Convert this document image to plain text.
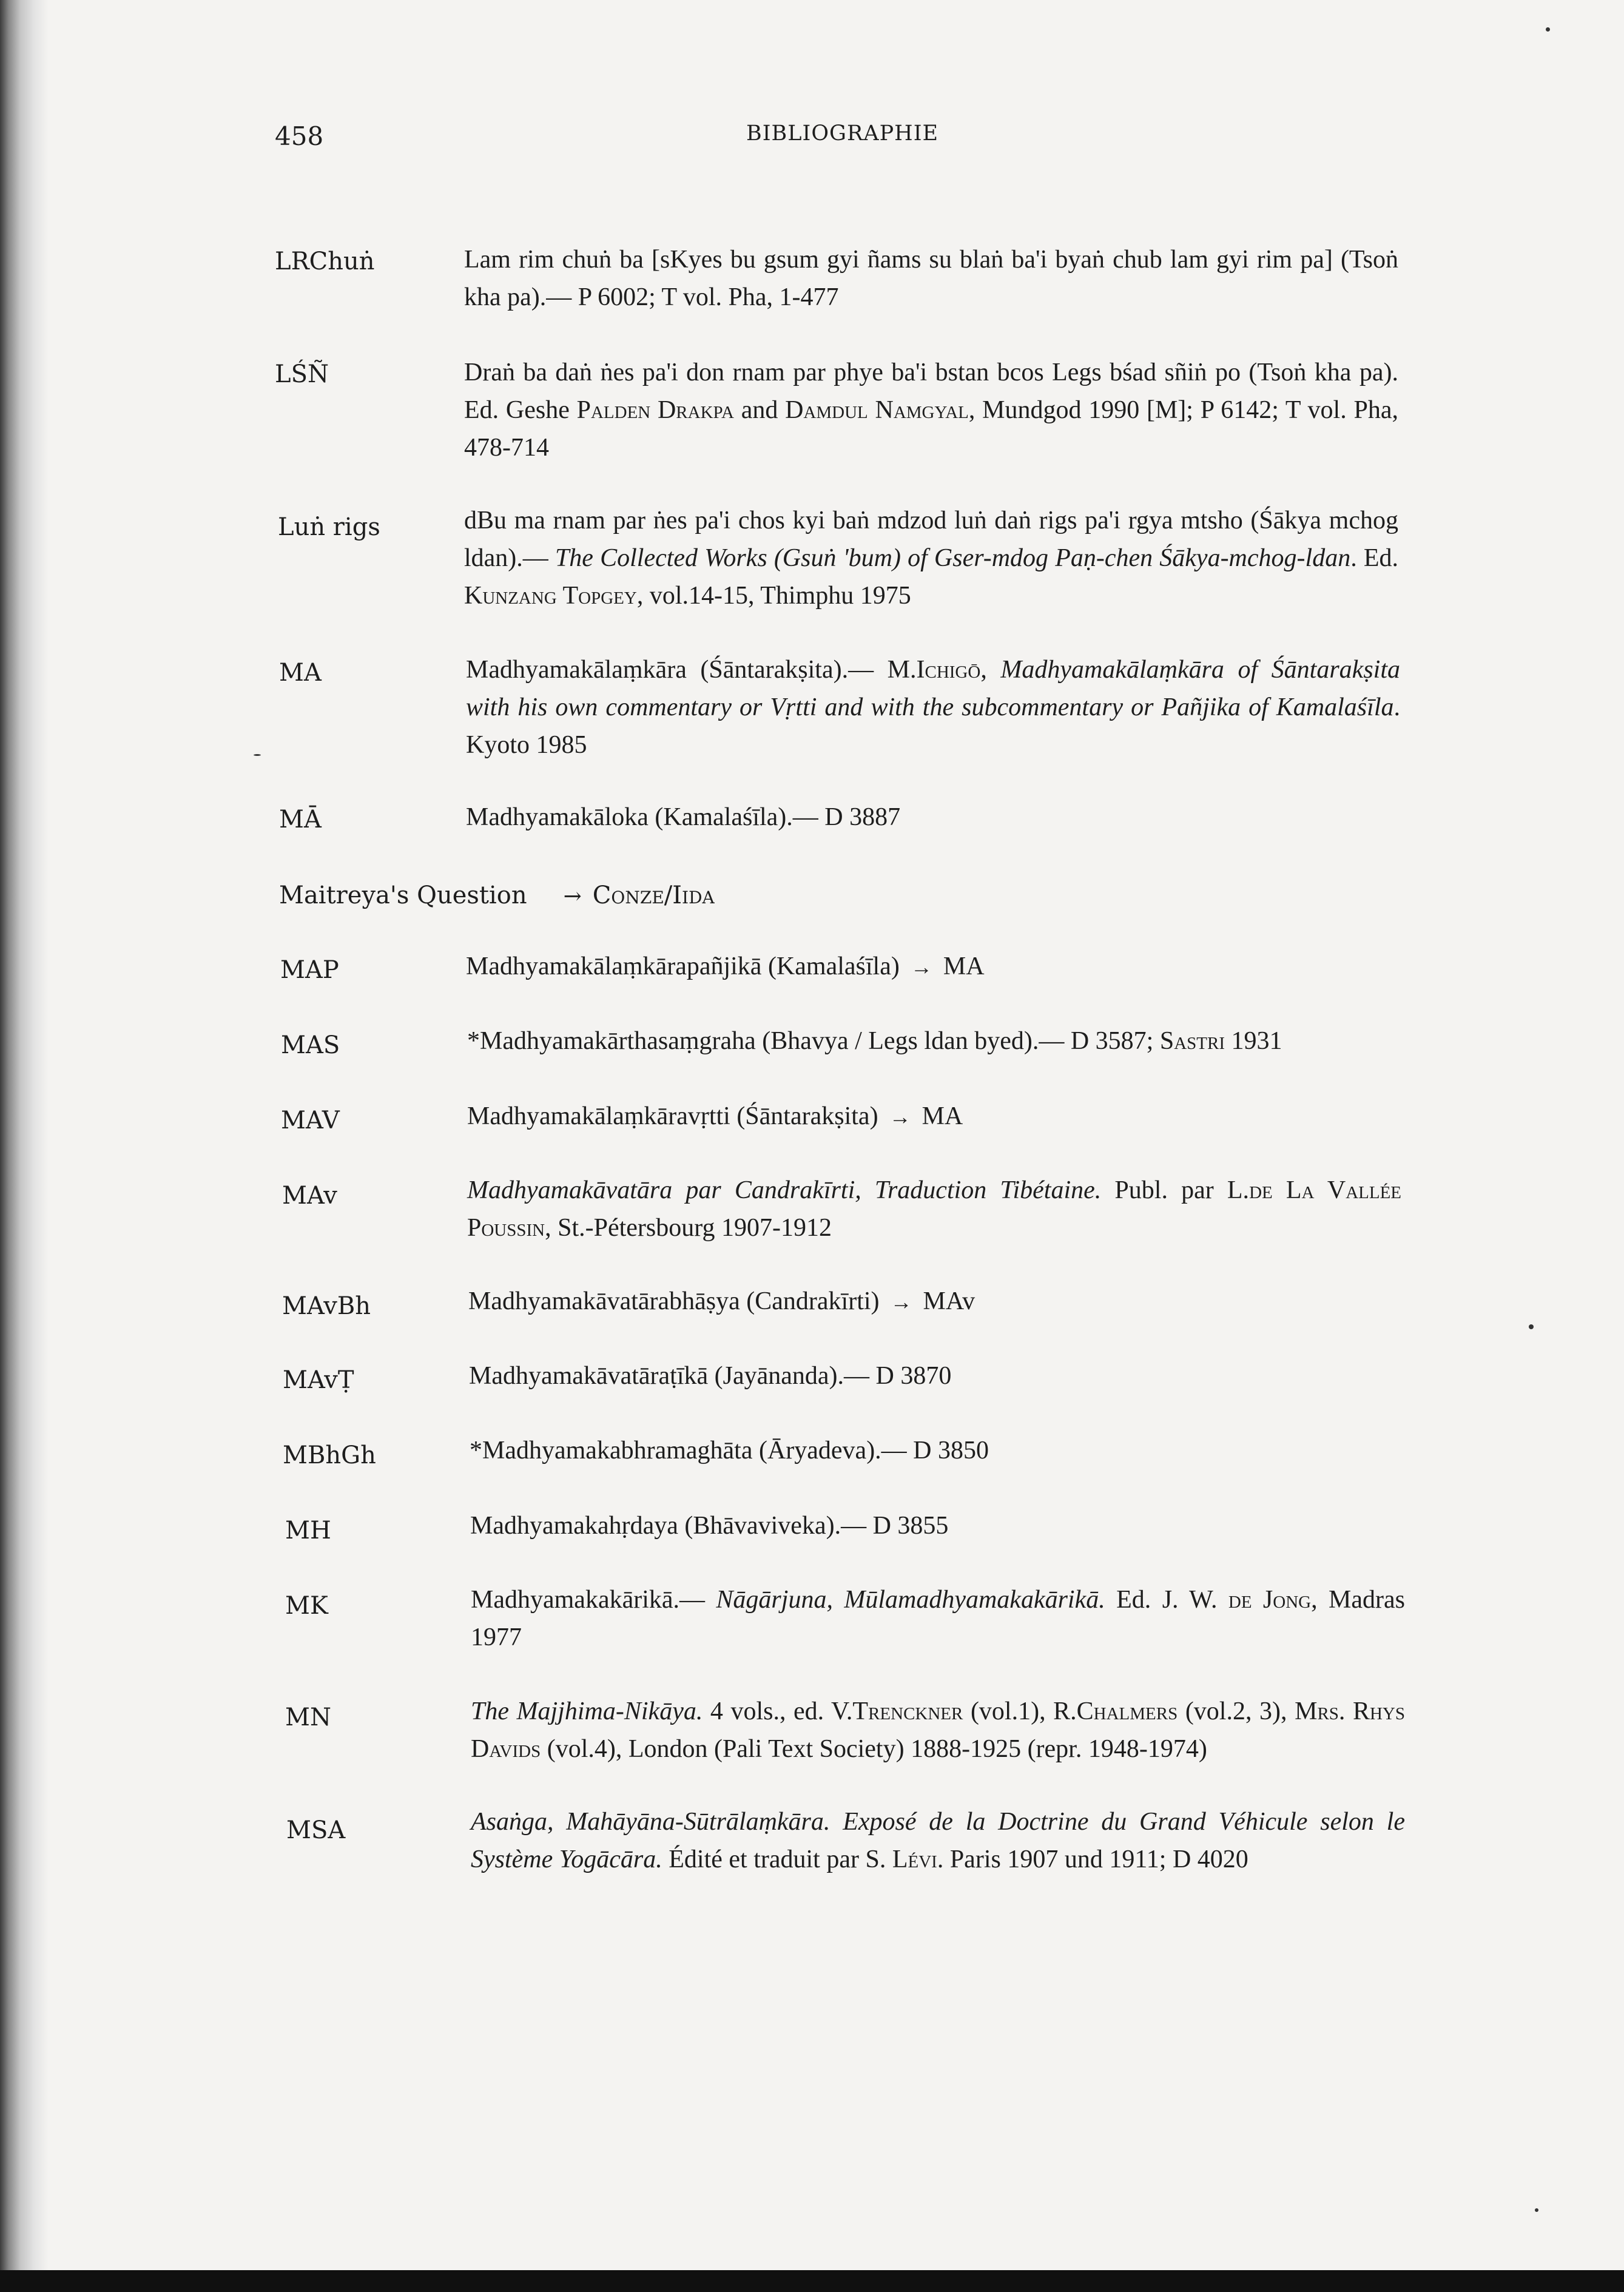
458	BIBLIOGRAPHIE
LRChuṅ	Lam rim chuṅ ba [sKyes bu gsum gyi ñams su blaṅ ba'i byaṅ chub lam gyi rim pa] (Tsoṅ kha pa).— P 6002; T vol. Pha, 1-477
LŚÑ	Draṅ ba daṅ ṅes pa'i don rnam par phye ba'i bstan bcos Legs bśad sñiṅ po (Tsoṅ kha pa). Ed. Geshe Palden Drakpa and Damdul Namgyal, Mundgod 1990 [M]; P 6142; T vol. Pha, 478-714
Luṅ rigs	dBu ma rnam par ṅes pa'i chos kyi baṅ mdzod luṅ daṅ rigs pa'i rgya mtsho (Śākya mchog ldan).— The Collected Works (Gsuṅ 'bum) of Gser-mdog Paṇ-chen Śākya-mchog-ldan. Ed. Kunzang Topgey, vol.14-15, Thimphu 1975
MA	Madhyamakālaṃkāra (Śāntarakṣita).— M.Ichigō, Madhyamakālaṃkāra of Śāntarakṣita with his own commentary or Vṛtti and with the subcommentary or Pañjika of Kamalaśīla. Kyoto 1985
MĀ	Madhyamakāloka (Kamalaśīla).— D 3887
Maitreya's Question → Conze/Iida
MAP	Madhyamakālaṃkārapañjikā (Kamalaśīla) → MA
MAS	*Madhyamakārthasaṃgraha (Bhavya / Legs ldan byed).— D 3587; Sastri 1931
MAV	Madhyamakālaṃkāravṛtti (Śāntarakṣita) → MA
MAv	Madhyamakāvatāra par Candrakīrti, Traduction Tibétaine. Publ. par L.de La Vallée Poussin, St.-Pétersbourg 1907-1912
MAvBh	Madhyamakāvatārabhāṣya (Candrakīrti) → MAv
MAvṬ	Madhyamakāvatāraṭīkā (Jayānanda).— D 3870
MBhGh	*Madhyamakabhramaghāta (Āryadeva).— D 3850
MH	Madhyamakahṛdaya (Bhāvaviveka).— D 3855
MK	Madhyamakakārikā.— Nāgārjuna, Mūlamadhyamakakārikā. Ed. J. W. de Jong, Madras 1977
MN	The Majjhima-Nikāya. 4 vols., ed. V.Trenckner (vol.1), R.Chalmers (vol.2, 3), Mrs. Rhys Davids (vol.4), London (Pali Text Society) 1888-1925 (repr. 1948-1974)
MSA	Asaṅga, Mahāyāna-Sūtrālaṃkāra. Exposé de la Doctrine du Grand Véhicule selon le Système Yogācāra. Édité et traduit par S. Lévi. Paris 1907 und 1911; D 4020
